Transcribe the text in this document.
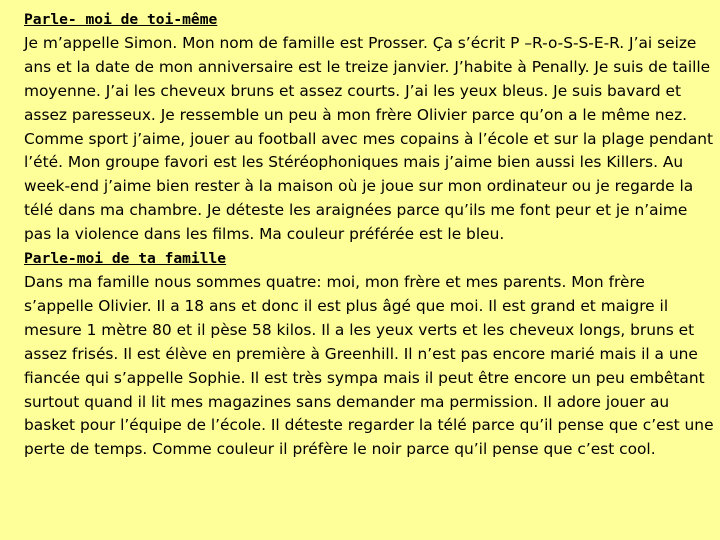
Parle- moi de toi-même

Je m’appelle Simon. Mon nom de famille est Prosser. Ça s’écrit P –R-o-S-S-E-R. J’ai seize ans et la date de mon anniversaire est le treize janvier. J’habite à Penally. Je suis de taille moyenne. J’ai les cheveux bruns et assez courts. J’ai les yeux bleus. Je suis bavard et assez paresseux. Je ressemble un peu à mon frère Olivier parce qu’on a le même nez. Comme sport j’aime, jouer au football avec mes copains à l’école et sur la plage pendant l’été. Mon groupe favori est les Stéréophoniques mais j’aime bien aussi les Killers. Au week-end j’aime bien rester à la maison où je joue sur mon ordinateur ou je regarde la télé dans ma chambre. Je déteste les araignées parce qu’ils me font peur et je n’aime pas la violence dans les films. Ma couleur préférée est le bleu.

Parle-moi de ta famille

Dans ma famille nous sommes quatre: moi, mon frère et mes parents. Mon frère s’appelle Olivier. Il a 18 ans et donc il est plus âgé que moi. Il est grand et maigre il mesure 1 mètre 80 et il pèse 58 kilos. Il a les yeux verts et les cheveux longs, bruns et assez frisés. Il est élève en première à Greenhill. Il n’est pas encore marié mais il a une fiancée qui s’appelle Sophie. Il est très sympa mais il peut être encore un peu embêtant surtout quand il lit mes magazines sans demander ma permission. Il adore jouer au basket pour l’équipe de l’école. Il déteste regarder la télé parce qu’il pense que c’est une perte de temps. Comme couleur il préfère le noir parce qu’il pense que c’est cool.
